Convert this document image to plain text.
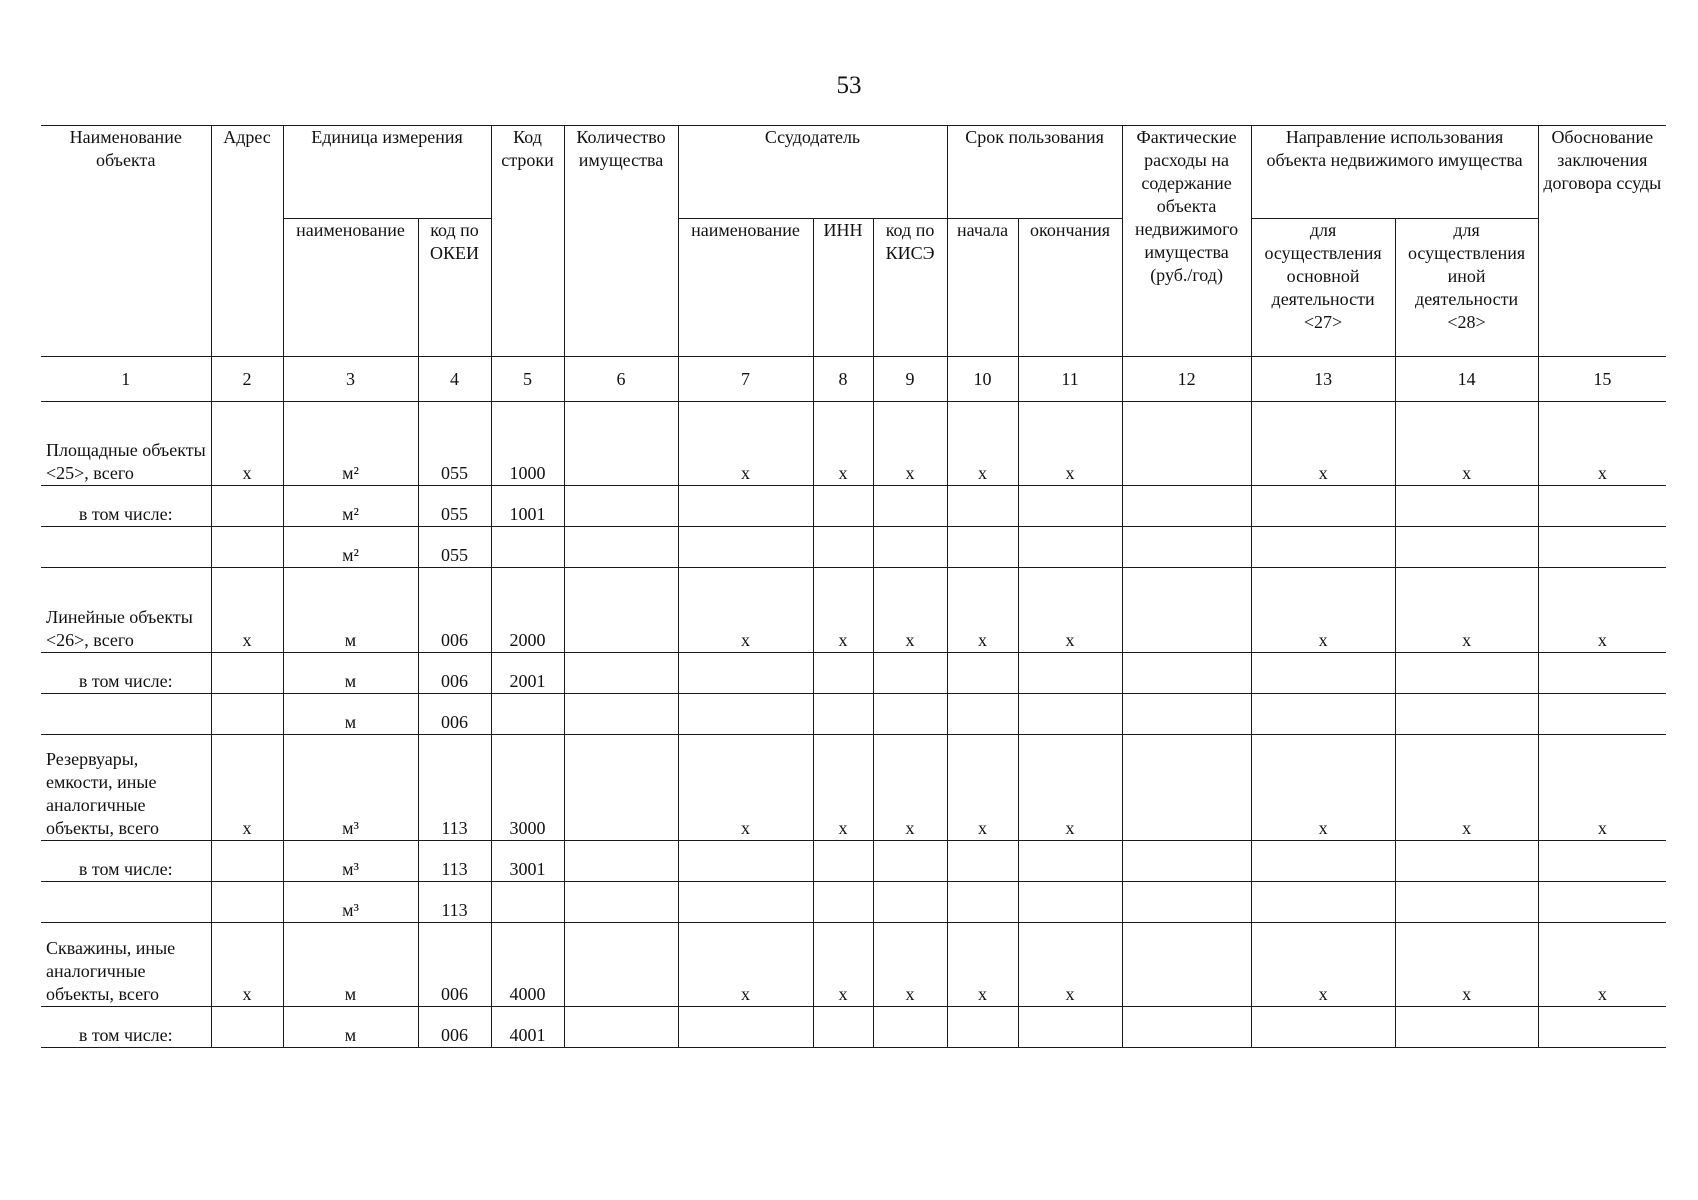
53
Наименование объекта	Адрес	Единица измерения		Код строки	Количество имущества	Ссудодатель			Срок пользования		Фактические расходы на содержание объекта недвижимого имущества (руб./год)	Направление использования объекта недвижимого имущества		Обоснование заключения договора ссуды
		наименование	код по ОКЕИ			наименование	ИНН	код по КИСЭ	начала	окончания		для осуществления основной деятельности <27>	для осуществления иной деятельности <28>	
1	2	3	4	5	6	7	8	9	10	11	12	13	14	15
Площадные объекты <25>, всего	х	м²	055	1000		х	х	х	х	х		х	х	х
в том числе:		м²	055	1001										
		м²	055											
Линейные объекты <26>, всего	х	м	006	2000		х	х	х	х	х		х	х	х
в том числе:		м	006	2001										
		м	006											
Резервуары, емкости, иные аналогичные объекты, всего	х	м³	113	3000		х	х	х	х	х		х	х	х
в том числе:		м³	113	3001										
		м³	113											
Скважины, иные аналогичные объекты, всего	х	м	006	4000		х	х	х	х	х		х	х	х
в том числе:		м	006	4001										
